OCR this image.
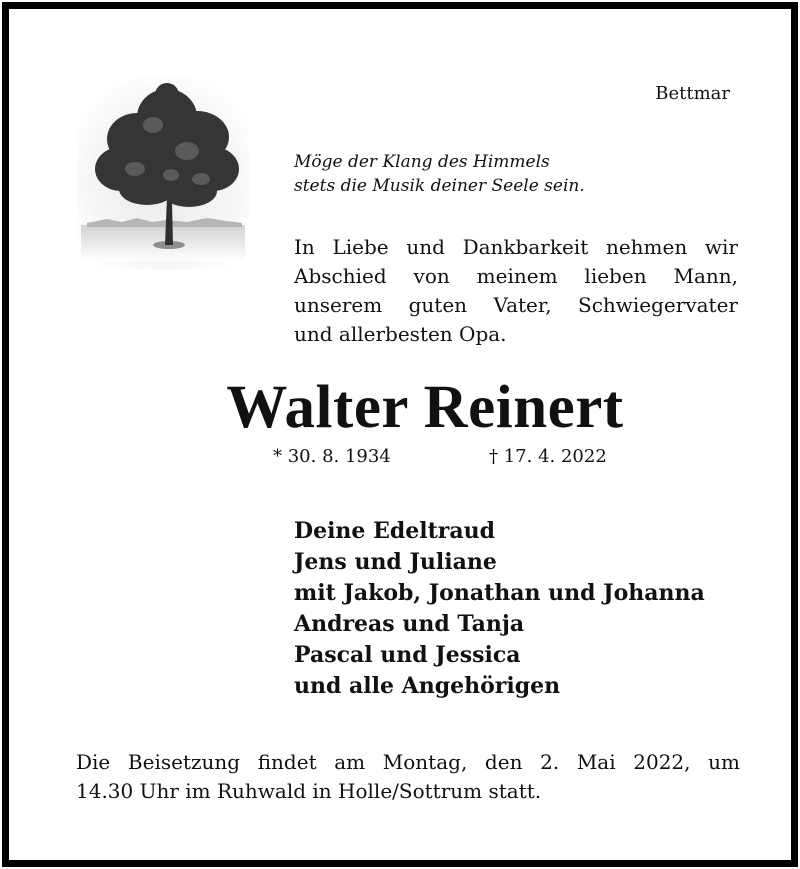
Bettmar

Möge der Klang des Himmels
stets die Musik deiner Seele sein.

In Liebe und Dankbarkeit nehmen wir
Abschied von meinem lieben Mann,
unserem guten Vater, Schwiegervater
und allerbesten Opa.

Walter Reinert
* 30. 8. 1934	† 17. 4. 2022

Deine Edeltraud
Jens und Juliane
mit Jakob, Jonathan und Johanna
Andreas und Tanja
Pascal und Jessica
und alle Angehörigen

Die Beisetzung findet am Montag, den 2. Mai 2022, um
14.30 Uhr im Ruhwald in Holle/Sottrum statt.
